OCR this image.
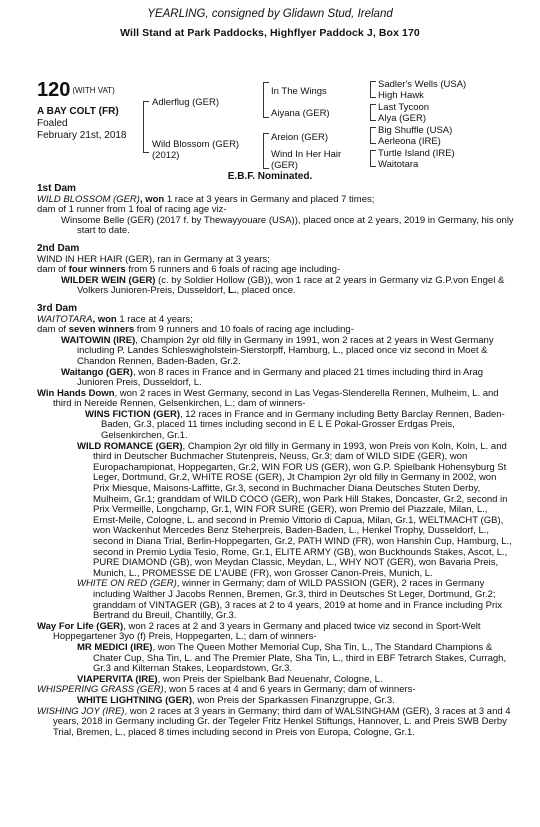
YEARLING, consigned by Glidawn Stud, Ireland
Will Stand at Park Paddocks, Highflyer Paddock J, Box 170
120 $^{(WITH VAT)}$
A BAY COLT (FR)
Foaled
February 21st, 2018
Adlerflug (GER)
Wild Blossom (GER)
(2012)
In The Wings
Aiyana (GER)
Areion (GER)
Wind In Her Hair
(GER)
Sadler's Wells (USA)
High Hawk
Last Tycoon
Alya (GER)
Big Shuffle (USA)
Aerleona (IRE)
Turtle Island (IRE)
Waitotara
E.B.F. Nominated.
1st Dam

WILD BLOSSOM (GER), won 1 race at 3 years in Germany and placed 7 times;

dam of 1 runner from 1 foal of racing age viz-

Winsome Belle (GER) (2017 f. by Thewayyouare (USA)), placed once at 2 years, 2019 in Germany, his only start to date.

2nd Dam

WIND IN HER HAIR (GER), ran in Germany at 3 years;

dam of four winners from 5 runners and 6 foals of racing age including-

WILDER WEIN (GER) (c. by Soldier Hollow (GB)), won 1 race at 2 years in Germany viz G.P.von Engel & Volkers Junioren-Preis, Dusseldorf, L., placed once.

3rd Dam

WAITOTARA, won 1 race at 4 years;

dam of seven winners from 9 runners and 10 foals of racing age including-

WAITOWIN (IRE), Champion 2yr old filly in Germany in 1991, won 2 races at 2 years in West Germany including P. Landes Schleswigholstein-Sierstorpff, Hamburg, L., placed once viz second in Moet & Chandon Rennen, Baden-Baden, Gr.2.

Waitango (GER), won 8 races in France and in Germany and placed 21 times including third in Arag Junioren Preis, Dusseldorf, L.

Win Hands Down, won 2 races in West Germany, second in Las Vegas-Slenderella Rennen, Mulheim, L. and third in Nereide Rennen, Gelsenkirchen, L.; dam of winners-

WINS FICTION (GER), 12 races in France and in Germany including Betty Barclay Rennen, Baden-Baden, Gr.3, placed 11 times including second in E L E Pokal-Grosser Erdgas Preis, Gelsenkirchen, Gr.1.

WILD ROMANCE (GER), Champion 2yr old filly in Germany in 1993, won Preis von Koln, Koln, L. and third in Deutscher Buchmacher Stutenpreis, Neuss, Gr.3; dam of WILD SIDE (GER), won Europachampionat, Hoppegarten, Gr.2, WIN FOR US (GER), won G.P. Spielbank Hohensyburg St Leger, Dortmund, Gr.2, WHITE ROSE (GER), Jt Champion 2yr old filly in Germany in 2002, won Prix Miesque, Maisons-Laffitte, Gr.3, second in Buchmacher Diana Deutsches Stuten Derby, Mulheim, Gr.1; granddam of WILD COCO (GER), won Park Hill Stakes, Doncaster, Gr.2, second in Prix Vermeille, Longchamp, Gr.1, WIN FOR SURE (GER), won Premio del Piazzale, Milan, L., Ernst-Meile, Cologne, L. and second in Premio Vittorio di Capua, Milan, Gr.1, WELTMACHT (GB), won Wackenhut Mercedes Benz Steherpreis, Baden-Baden, L., Henkel Trophy, Dusseldorf, L., second in Diana Trial, Berlin-Hoppegarten, Gr.2, PATH WIND (FR), won Hanshin Cup, Hamburg, L., second in Premio Lydia Tesio, Rome, Gr.1, ELITE ARMY (GB), won Buckhounds Stakes, Ascot, L., PURE DIAMOND (GB), won Meydan Classic, Meydan, L., WHY NOT (GER), won Bavaria Preis, Munich, L., PROMESSE DE L'AUBE (FR), won Grosser Canon-Preis, Munich, L.

WHITE ON RED (GER), winner in Germany; dam of WILD PASSION (GER), 2 races in Germany including Walther J Jacobs Rennen, Bremen, Gr.3, third in Deutsches St Leger, Dortmund, Gr.2; granddam of VINTAGER (GB), 3 races at 2 to 4 years, 2019 at home and in France including Prix Bertrand du Breuil, Chantilly, Gr.3.

Way For Life (GER), won 2 races at 2 and 3 years in Germany and placed twice viz second in Sport-Welt Hoppegartener 3yo (f) Preis, Hoppegarten, L.; dam of winners-

MR MEDICI (IRE), won The Queen Mother Memorial Cup, Sha Tin, L., The Standard Champions & Chater Cup, Sha Tin, L. and The Premier Plate, Sha Tin, L., third in EBF Tetrarch Stakes, Curragh, Gr.3 and Kilternan Stakes, Leopardstown, Gr.3.

VIAPERVITA (IRE), won Preis der Spielbank Bad Neuenahr, Cologne, L.

WHISPERING GRASS (GER), won 5 races at 4 and 6 years in Germany; dam of winners-

WHITE LIGHTNING (GER), won Preis der Sparkassen Finanzgruppe, Gr.3.

WISHING JOY (IRE), won 2 races at 3 years in Germany; third dam of WALSINGHAM (GER), 3 races at 3 and 4 years, 2018 in Germany including Gr. der Tegeler Fritz Henkel Stiftungs, Hannover, L. and Preis SWB Derby Trial, Bremen, L., placed 8 times including second in Preis von Europa, Cologne, Gr.1.
